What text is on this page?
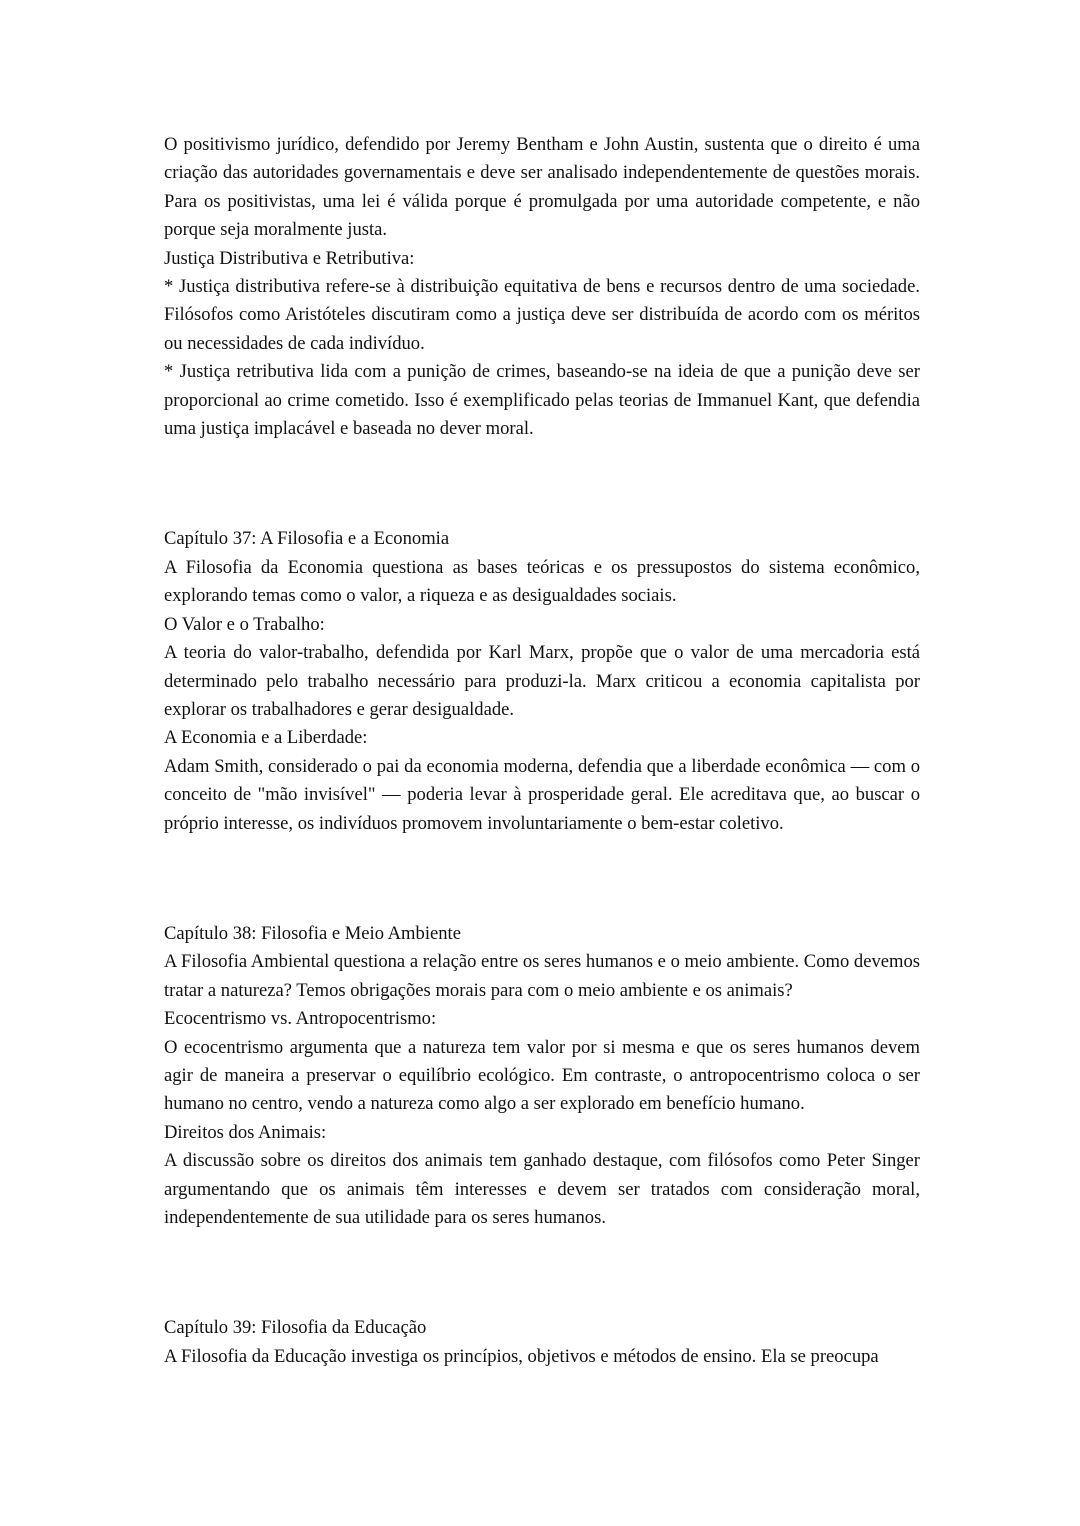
O positivismo jurídico, defendido por Jeremy Bentham e John Austin, sustenta que o direito é uma criação das autoridades governamentais e deve ser analisado independentemente de questões morais. Para os positivistas, uma lei é válida porque é promulgada por uma autoridade competente, e não porque seja moralmente justa.

Justiça Distributiva e Retributiva:

* Justiça distributiva refere-se à distribuição equitativa de bens e recursos dentro de uma sociedade. Filósofos como Aristóteles discutiram como a justiça deve ser distribuída de acordo com os méritos ou necessidades de cada indivíduo.

* Justiça retributiva lida com a punição de crimes, baseando-se na ideia de que a punição deve ser proporcional ao crime cometido. Isso é exemplificado pelas teorias de Immanuel Kant, que defendia uma justiça implacável e baseada no dever moral.

Capítulo 37: A Filosofia e a Economia

A Filosofia da Economia questiona as bases teóricas e os pressupostos do sistema econômico, explorando temas como o valor, a riqueza e as desigualdades sociais.

O Valor e o Trabalho:

A teoria do valor-trabalho, defendida por Karl Marx, propõe que o valor de uma mercadoria está determinado pelo trabalho necessário para produzi-la. Marx criticou a economia capitalista por explorar os trabalhadores e gerar desigualdade.

A Economia e a Liberdade:

Adam Smith, considerado o pai da economia moderna, defendia que a liberdade econômica — com o conceito de "mão invisível" — poderia levar à prosperidade geral. Ele acreditava que, ao buscar o próprio interesse, os indivíduos promovem involuntariamente o bem-estar coletivo.

Capítulo 38: Filosofia e Meio Ambiente

A Filosofia Ambiental questiona a relação entre os seres humanos e o meio ambiente. Como devemos tratar a natureza? Temos obrigações morais para com o meio ambiente e os animais?

Ecocentrismo vs. Antropocentrismo:

O ecocentrismo argumenta que a natureza tem valor por si mesma e que os seres humanos devem agir de maneira a preservar o equilíbrio ecológico. Em contraste, o antropocentrismo coloca o ser humano no centro, vendo a natureza como algo a ser explorado em benefício humano.

Direitos dos Animais:

A discussão sobre os direitos dos animais tem ganhado destaque, com filósofos como Peter Singer argumentando que os animais têm interesses e devem ser tratados com consideração moral, independentemente de sua utilidade para os seres humanos.

Capítulo 39: Filosofia da Educação

A Filosofia da Educação investiga os princípios, objetivos e métodos de ensino. Ela se preocupa
